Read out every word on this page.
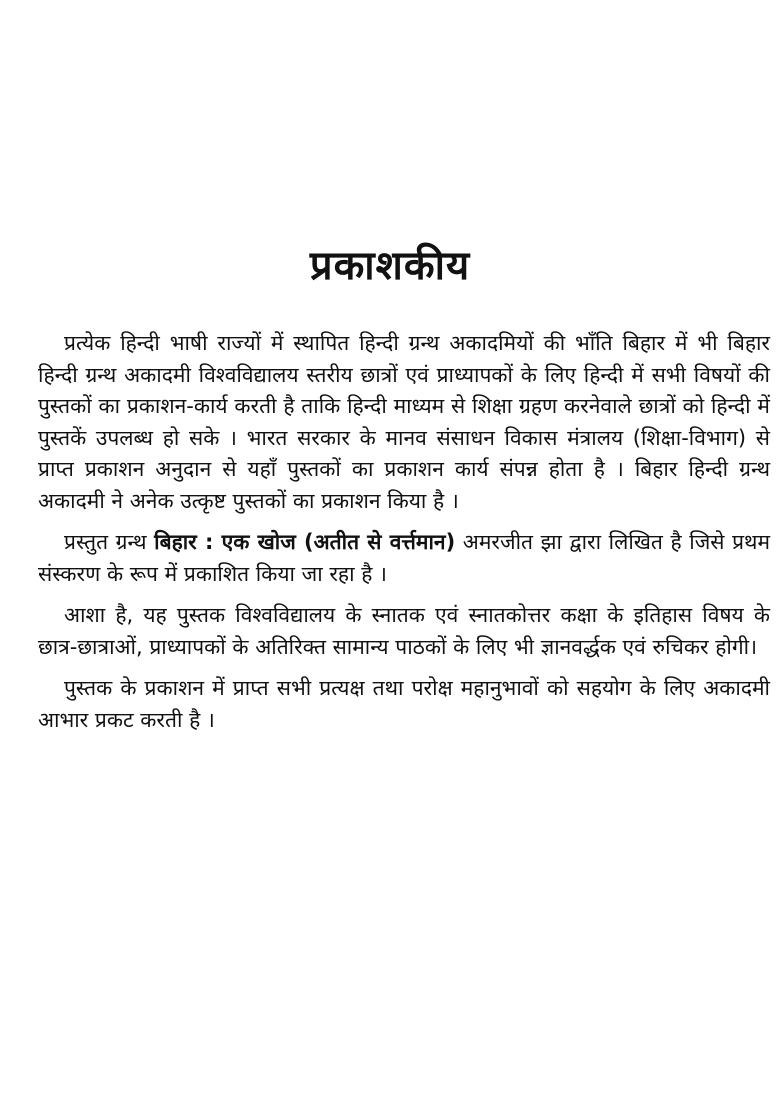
प्रकाशकीय

प्रत्येक हिन्दी भाषी राज्यों में स्थापित हिन्दी ग्रन्थ अकादमियों की भाँति बिहार में भी बिहार हिन्दी ग्रन्थ अकादमी विश्वविद्यालय स्तरीय छात्रों एवं प्राध्यापकों के लिए हिन्दी में सभी विषयों की पुस्तकों का प्रकाशन-कार्य करती है ताकि हिन्दी माध्यम से शिक्षा ग्रहण करनेवाले छात्रों को हिन्दी में पुस्तकें उपलब्ध हो सके । भारत सरकार के मानव संसाधन विकास मंत्रालय (शिक्षा-विभाग) से प्राप्त प्रकाशन अनुदान से यहाँ पुस्तकों का प्रकाशन कार्य संपन्न होता है । बिहार हिन्दी ग्रन्थ अकादमी ने अनेक उत्कृष्ट पुस्तकों का प्रकाशन किया है ।

प्रस्तुत ग्रन्थ बिहार : एक खोज (अतीत से वर्त्तमान) अमरजीत झा द्वारा लिखित है जिसे प्रथम संस्करण के रूप में प्रकाशित किया जा रहा है ।

आशा है, यह पुस्तक विश्वविद्यालय के स्नातक एवं स्नातकोत्तर कक्षा के इतिहास विषय के छात्र-छात्राओं, प्राध्यापकों के अतिरिक्त सामान्य पाठकों के लिए भी ज्ञानवर्द्धक एवं रुचिकर होगी।

पुस्तक के प्रकाशन में प्राप्त सभी प्रत्यक्ष तथा परोक्ष महानुभावों को सहयोग के लिए अकादमी आभार प्रकट करती है ।
